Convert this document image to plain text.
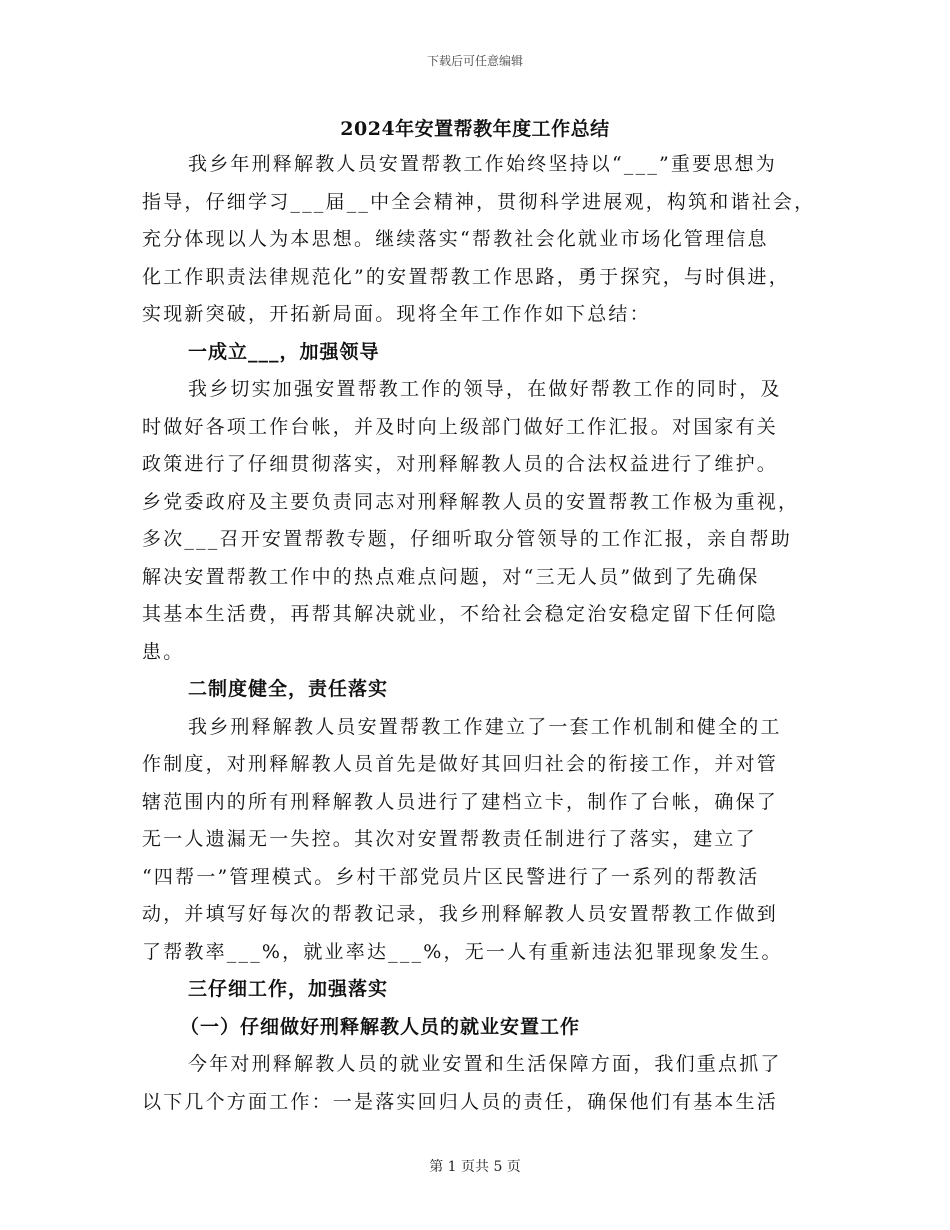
下载后可任意编辑
2024年安置帮教年度工作总结
我乡年刑释解教人员安置帮教工作始终坚持以“___”重要思想为
指导，仔细学习___届__中全会精神，贯彻科学进展观，构筑和谐社会，
充分体现以人为本思想。继续落实“帮教社会化就业市场化管理信息
化工作职责法律规范化”的安置帮教工作思路，勇于探究，与时俱进，
实现新突破，开拓新局面。现将全年工作作如下总结：
一成立___，加强领导
我乡切实加强安置帮教工作的领导，在做好帮教工作的同时，及
时做好各项工作台帐，并及时向上级部门做好工作汇报。对国家有关
政策进行了仔细贯彻落实，对刑释解教人员的合法权益进行了维护。
乡党委政府及主要负责同志对刑释解教人员的安置帮教工作极为重视，
多次___召开安置帮教专题，仔细听取分管领导的工作汇报，亲自帮助
解决安置帮教工作中的热点难点问题，对“三无人员”做到了先确保
其基本生活费，再帮其解决就业，不给社会稳定治安稳定留下任何隐
患。
二制度健全，责任落实
我乡刑释解教人员安置帮教工作建立了一套工作机制和健全的工
作制度，对刑释解教人员首先是做好其回归社会的衔接工作，并对管
辖范围内的所有刑释解教人员进行了建档立卡，制作了台帐，确保了
无一人遗漏无一失控。其次对安置帮教责任制进行了落实，建立了
“四帮一”管理模式。乡村干部党员片区民警进行了一系列的帮教活
动，并填写好每次的帮教记录，我乡刑释解教人员安置帮教工作做到
了帮教率___%，就业率达___%，无一人有重新违法犯罪现象发生。
三仔细工作，加强落实
（一）仔细做好刑释解教人员的就业安置工作
今年对刑释解教人员的就业安置和生活保障方面，我们重点抓了
以下几个方面工作：一是落实回归人员的责任，确保他们有基本生活
第 1 页共 5 页
